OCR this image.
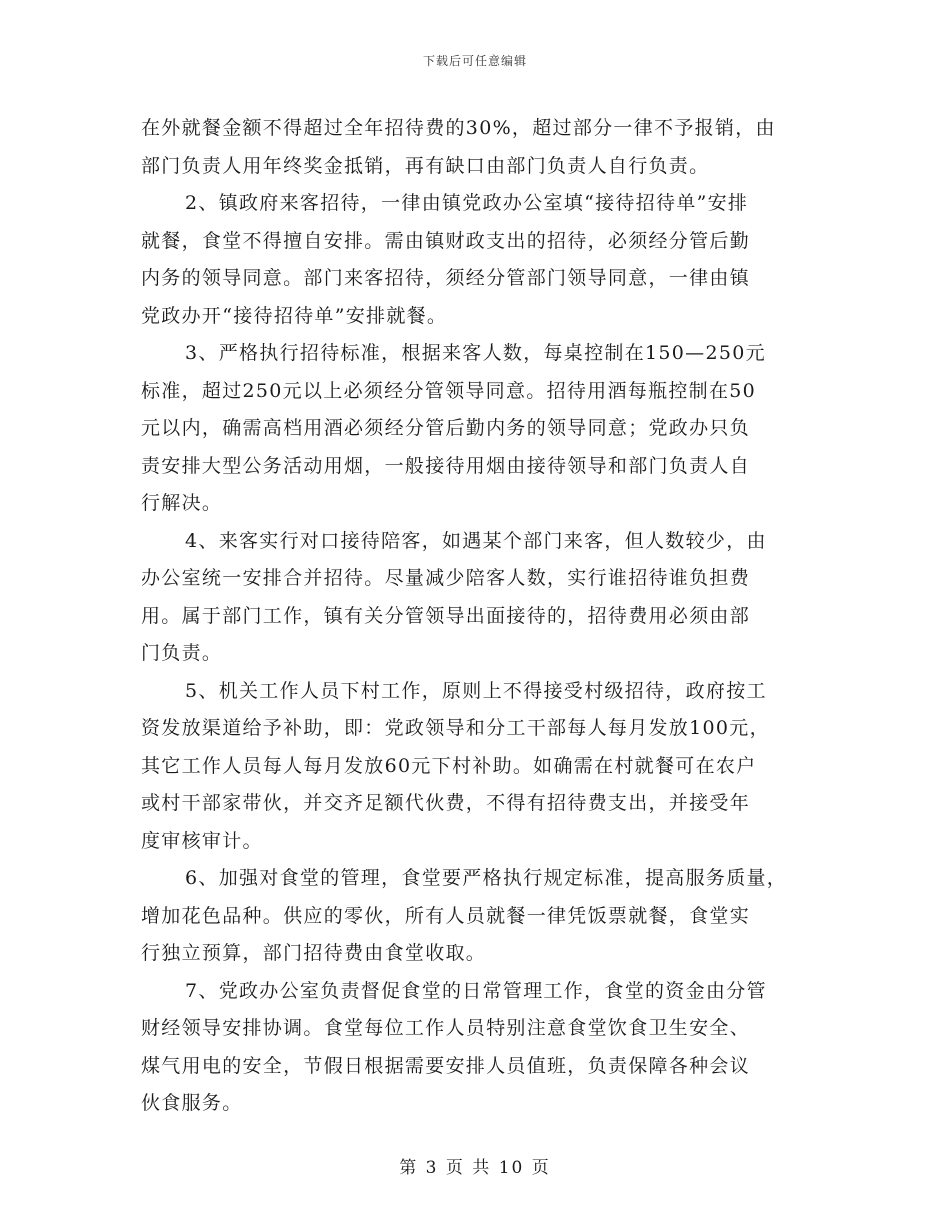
下载后可任意编辑
在外就餐金额不得超过全年招待费的30%，超过部分一律不予报销，由
部门负责人用年终奖金抵销，再有缺口由部门负责人自行负责。
2、镇政府来客招待，一律由镇党政办公室填“接待招待单”安排
就餐，食堂不得擅自安排。需由镇财政支出的招待，必须经分管后勤
内务的领导同意。部门来客招待，须经分管部门领导同意，一律由镇
党政办开“接待招待单”安排就餐。
3、严格执行招待标准，根据来客人数，每桌控制在150—250元
标准，超过250元以上必须经分管领导同意。招待用酒每瓶控制在50
元以内，确需高档用酒必须经分管后勤内务的领导同意；党政办只负
责安排大型公务活动用烟，一般接待用烟由接待领导和部门负责人自
行解决。
4、来客实行对口接待陪客，如遇某个部门来客，但人数较少，由
办公室统一安排合并招待。尽量减少陪客人数，实行谁招待谁负担费
用。属于部门工作，镇有关分管领导出面接待的，招待费用必须由部
门负责。
5、机关工作人员下村工作，原则上不得接受村级招待，政府按工
资发放渠道给予补助，即：党政领导和分工干部每人每月发放100元，
其它工作人员每人每月发放60元下村补助。如确需在村就餐可在农户
或村干部家带伙，并交齐足额代伙费，不得有招待费支出，并接受年
度审核审计。
6、加强对食堂的管理，食堂要严格执行规定标准，提高服务质量，
增加花色品种。供应的零伙，所有人员就餐一律凭饭票就餐，食堂实
行独立预算，部门招待费由食堂收取。
7、党政办公室负责督促食堂的日常管理工作，食堂的资金由分管
财经领导安排协调。食堂每位工作人员特别注意食堂饮食卫生安全、
煤气用电的安全，节假日根据需要安排人员值班，负责保障各种会议
伙食服务。
第 3 页 共 10 页
